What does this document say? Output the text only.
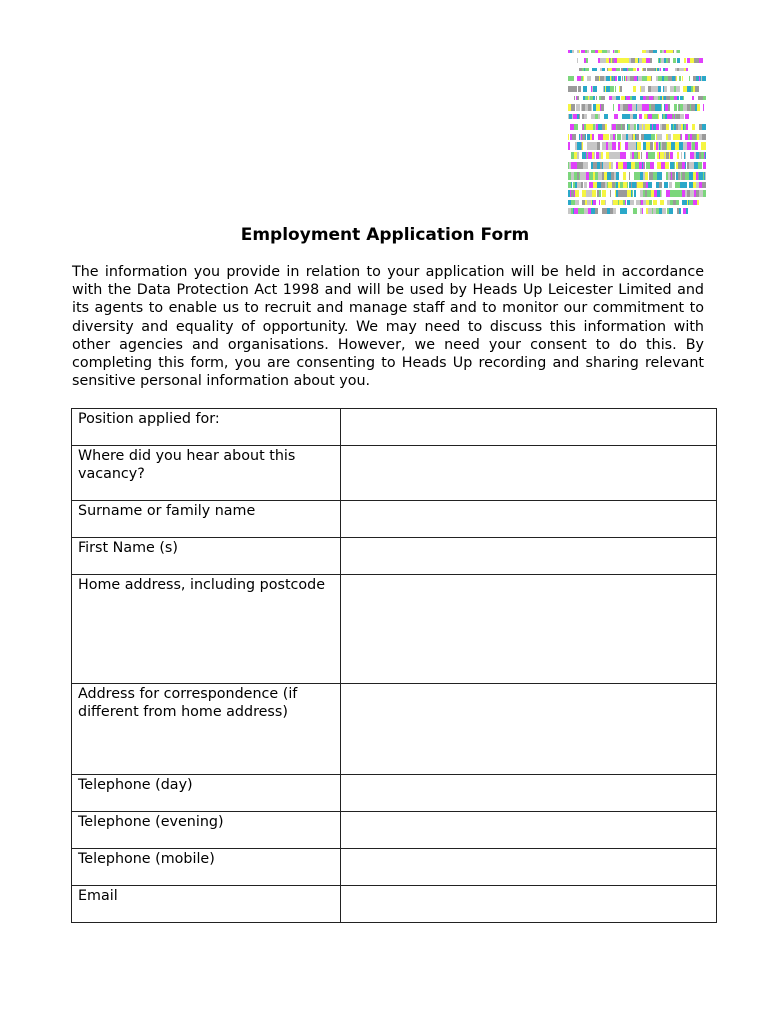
Employment Application Form
The information you provide in relation to your application will be held in accordance with the Data Protection Act 1998 and will be used by Heads Up Leicester Limited and its agents to enable us to recruit and manage staff and to monitor our commitment to diversity and equality of opportunity. We may need to discuss this information with other agencies and organisations. However, we need your consent to do this. By completing this form, you are consenting to Heads Up recording and sharing relevant sensitive personal information about you.
Position applied for:	

Where did you hear about this vacancy?	

Surname or family name	

First Name (s)	

Home address, including postcode	

Address for correspondence (if different from home address)	

Telephone (day)	

Telephone (evening)	

Telephone (mobile)	

Email	
